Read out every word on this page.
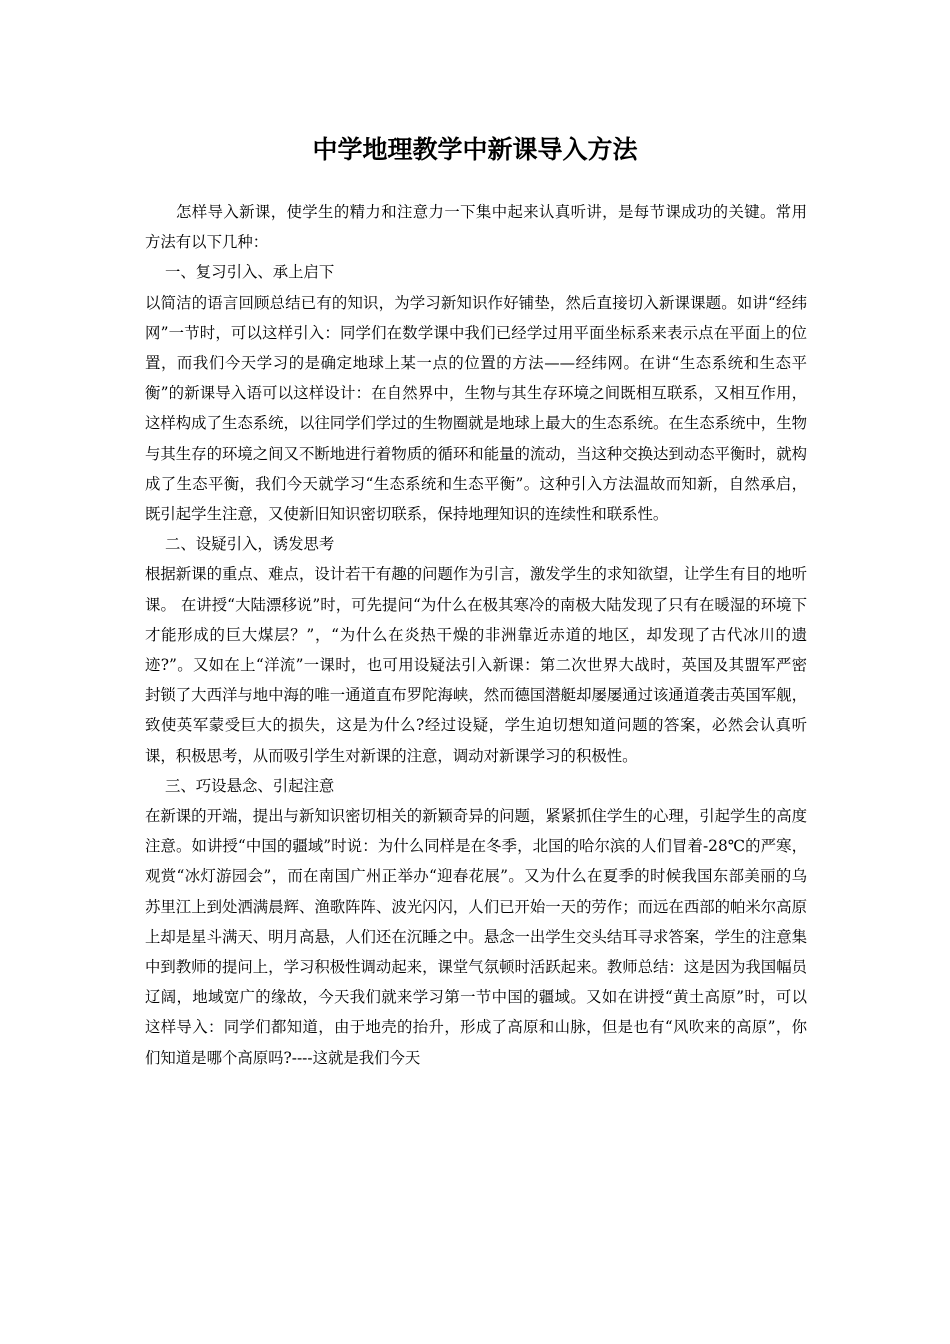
中学地理教学中新课导入方法

怎样导入新课，使学生的精力和注意力一下集中起来认真听讲，是每节课成功的关键。常用方法有以下几种：

一、复习引入、承上启下

以简洁的语言回顾总结已有的知识，为学习新知识作好铺垫，然后直接切入新课课题。如讲“经纬网”一节时，可以这样引入：同学们在数学课中我们已经学过用平面坐标系来表示点在平面上的位置，而我们今天学习的是确定地球上某一点的位置的方法——经纬网。在讲“生态系统和生态平衡”的新课导入语可以这样设计：在自然界中，生物与其生存环境之间既相互联系，又相互作用，这样构成了生态系统，以往同学们学过的生物圈就是地球上最大的生态系统。在生态系统中，生物与其生存的环境之间又不断地进行着物质的循环和能量的流动，当这种交换达到动态平衡时，就构成了生态平衡，我们今天就学习“生态系统和生态平衡”。这种引入方法温故而知新，自然承启，既引起学生注意，又使新旧知识密切联系，保持地理知识的连续性和联系性。

二、设疑引入，诱发思考

根据新课的重点、难点，设计若干有趣的问题作为引言，激发学生的求知欲望，让学生有目的地听课。 在讲授“大陆漂移说”时，可先提问“为什么在极其寒冷的南极大陆发现了只有在暖湿的环境下才能形成的巨大煤层？”，“为什么在炎热干燥的非洲靠近赤道的地区，却发现了古代冰川的遗迹?”。又如在上“洋流”一课时，也可用设疑法引入新课：第二次世界大战时，英国及其盟军严密封锁了大西洋与地中海的唯一通道直布罗陀海峡，然而德国潜艇却屡屡通过该通道袭击英国军舰，致使英军蒙受巨大的损失，这是为什么?经过设疑，学生迫切想知道问题的答案，必然会认真听课，积极思考，从而吸引学生对新课的注意，调动对新课学习的积极性。

三、巧设悬念、引起注意

在新课的开端，提出与新知识密切相关的新颖奇异的问题，紧紧抓住学生的心理，引起学生的高度注意。如讲授“中国的疆域”时说：为什么同样是在冬季，北国的哈尔滨的人们冒着-28℃的严寒，观赏“冰灯游园会”，而在南国广州正举办“迎春花展”。又为什么在夏季的时候我国东部美丽的乌苏里江上到处洒满晨辉、渔歌阵阵、波光闪闪，人们已开始一天的劳作；而远在西部的帕米尔高原上却是星斗满天、明月高悬，人们还在沉睡之中。悬念一出学生交头结耳寻求答案，学生的注意集中到教师的提问上，学习积极性调动起来，课堂气氛顿时活跃起来。教师总结：这是因为我国幅员辽阔，地域宽广的缘故，今天我们就来学习第一节中国的疆域。又如在讲授“黄土高原”时，可以这样导入：同学们都知道，由于地壳的抬升，形成了高原和山脉，但是也有“风吹来的高原”，你们知道是哪个高原吗?----这就是我们今天
